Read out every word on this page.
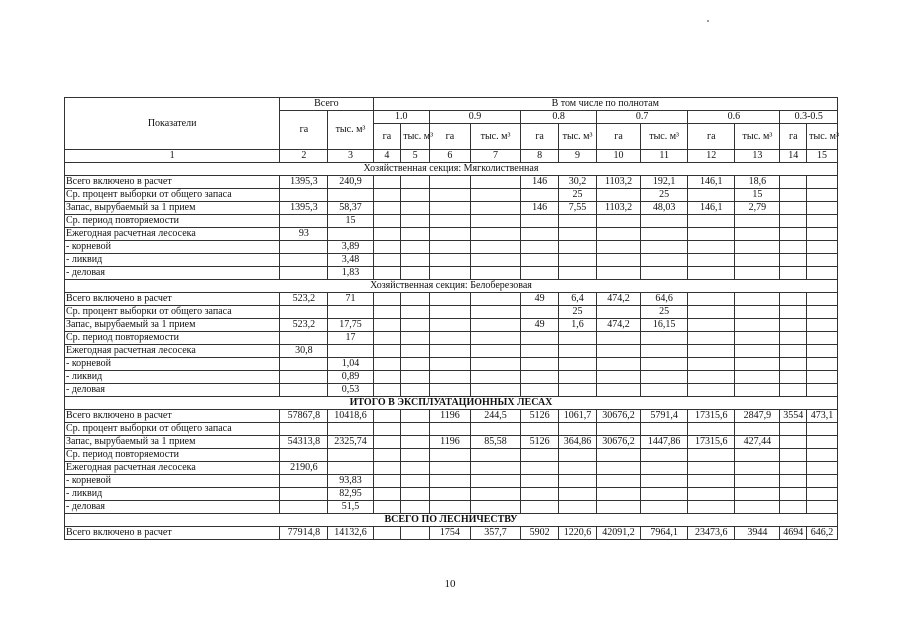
Показатели	Всего		В том числе по полнотам											
	га	тыс. м³	1.0		0.9		0.8		0.7		0.6		0.3-0.5	
			га	тыс. м³	га	тыс. м³	га	тыс. м³	га	тыс. м³	га	тыс. м³	га	тыс. м³
1	2	3	4	5	6	7	8	9	10	11	12	13	14	15
Хозяйственная секция: Мягколиственная														
Всего включено в расчет	1395,3	240,9					146	30,2	1103,2	192,1	146,1	18,6		
Ср. процент выборки от общего запаса								25		25		15		
Запас, вырубаемый за 1 прием	1395,3	58,37					146	7,55	1103,2	48,03	146,1	2,79		
Ср. период повторяемости		15												
Ежегодная расчетная лесосека	93													
- корневой		3,89												
- ликвид		3,48												
- деловая		1,83												
Хозяйственная секция: Белоберезовая														
Всего включено в расчет	523,2	71					49	6,4	474,2	64,6				
Ср. процент выборки от общего запаса								25		25				
Запас, вырубаемый за 1 прием	523,2	17,75					49	1,6	474,2	16,15				
Ср. период повторяемости		17												
Ежегодная расчетная лесосека	30,8													
- корневой		1,04												
- ликвид		0,89												
- деловая		0,53												
ИТОГО В ЭКСПЛУАТАЦИОННЫХ ЛЕСАХ														
Всего включено в расчет	57867,8	10418,6			1196	244,5	5126	1061,7	30676,2	5791,4	17315,6	2847,9	3554	473,1
Ср. процент выборки от общего запаса														
Запас, вырубаемый за 1 прием	54313,8	2325,74			1196	85,58	5126	364,86	30676,2	1447,86	17315,6	427,44		
Ср. период повторяемости														
Ежегодная расчетная лесосека	2190,6													
- корневой		93,83												
- ликвид		82,95												
- деловая		51,5												
ВСЕГО ПО ЛЕСНИЧЕСТВУ														
Всего включено в расчет	77914,8	14132,6			1754	357,7	5902	1220,6	42091,2	7964,1	23473,6	3944	4694	646,2
10
